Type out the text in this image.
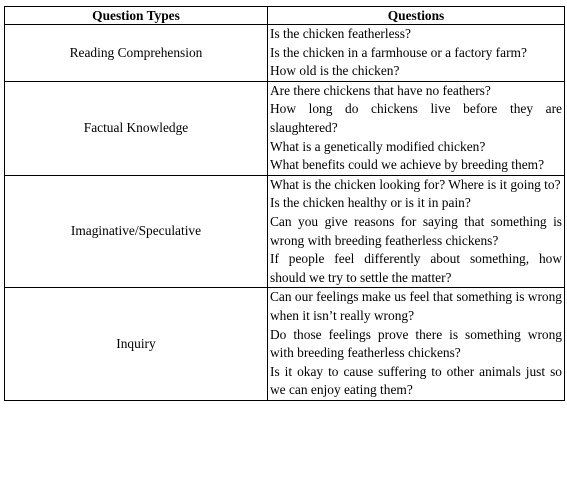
Question Types	Questions
Reading Comprehension	Is the chicken featherless?
Is the chicken in a farmhouse or a factory farm?
How old is the chicken?

Factual Knowledge	Are there chickens that have no feathers?
How long do chickens live before they are slaughtered?
What is a genetically modified chicken?
What benefits could we achieve by breeding them?

Imaginative/Speculative	What is the chicken looking for? Where is it going to?
Is the chicken healthy or is it in pain?
Can you give reasons for saying that something is wrong with breeding featherless chickens?
If people feel differently about something, how should we try to settle the matter?

Inquiry	Can our feelings make us feel that something is wrong when it isn’t really wrong?
Do those feelings prove there is something wrong with breeding featherless chickens?
Is it okay to cause suffering to other animals just so we can enjoy eating them?
